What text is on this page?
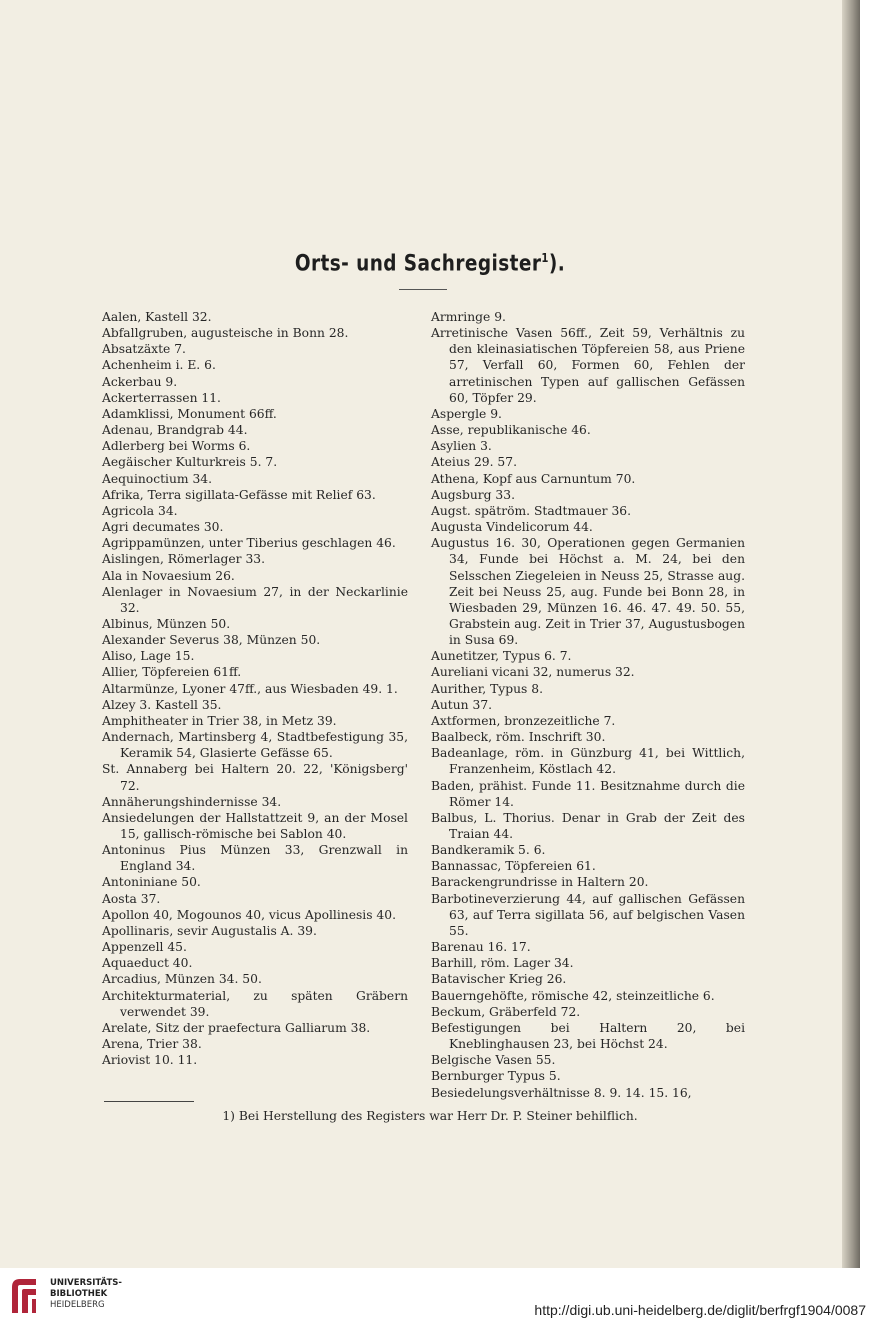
Orts- und Sachregister$^1$).
Aalen, Kastell 32.
Abfallgruben, augusteische in Bonn 28.
Absatzäxte 7.
Achenheim i. E. 6.
Ackerbau 9.
Ackerterrassen 11.
Adamklissi, Monument 66ff.
Adenau, Brandgrab 44.
Adlerberg bei Worms 6.
Aegäischer Kulturkreis 5. 7.
Aequinoctium 34.
Afrika, Terra sigillata-Gefässe mit Relief 63.
Agricola 34.
Agri decumates 30.
Agrippamünzen, unter Tiberius geschlagen 46.
Aislingen, Römerlager 33.
Ala in Novaesium 26.
Alenlager in Novaesium 27, in der Neckarlinie 32.
Albinus, Münzen 50.
Alexander Severus 38, Münzen 50.
Aliso, Lage 15.
Allier, Töpfereien 61ff.
Altarmünze, Lyoner 47ff., aus Wiesbaden 49. 1.
Alzey 3. Kastell 35.
Amphitheater in Trier 38, in Metz 39.
Andernach, Martinsberg 4, Stadtbefestigung 35, Keramik 54, Glasierte Gefässe 65.
St. Annaberg bei Haltern 20. 22, 'Königsberg' 72.
Annäherungshindernisse 34.
Ansiedelungen der Hallstattzeit 9, an der Mosel 15, gallisch-römische bei Sablon 40.
Antoninus Pius Münzen 33, Grenzwall in England 34.
Antoniniane 50.
Aosta 37.
Apollon 40, Mogounos 40, vicus Apollinesis 40.
Apollinaris, sevir Augustalis A. 39.
Appenzell 45.
Aquaeduct 40.
Arcadius, Münzen 34. 50.
Architekturmaterial, zu späten Gräbern verwendet 39.
Arelate, Sitz der praefectura Galliarum 38.
Arena, Trier 38.
Ariovist 10. 11.
Armringe 9.
Arretinische Vasen 56ff., Zeit 59, Verhältnis zu den kleinasiatischen Töpfereien 58, aus Priene 57, Verfall 60, Formen 60, Fehlen der arretinischen Typen auf gallischen Gefässen 60, Töpfer 29.
Aspergle 9.
Asse, republikanische 46.
Asylien 3.
Ateius 29. 57.
Athena, Kopf aus Carnuntum 70.
Augsburg 33.
Augst. spätröm. Stadtmauer 36.
Augusta Vindelicorum 44.
Augustus 16. 30, Operationen gegen Germanien 34, Funde bei Höchst a. M. 24, bei den Selsschen Ziegeleien in Neuss 25, Strasse aug. Zeit bei Neuss 25, aug. Funde bei Bonn 28, in Wiesbaden 29, Münzen 16. 46. 47. 49. 50. 55, Grabstein aug. Zeit in Trier 37, Augustusbogen in Susa 69.
Aunetitzer, Typus 6. 7.
Aureliani vicani 32, numerus 32.
Aurither, Typus 8.
Autun 37.
Axtformen, bronzezeitliche 7.
Baalbeck, röm. Inschrift 30.
Badeanlage, röm. in Günzburg 41, bei Wittlich, Franzenheim, Köstlach 42.
Baden, prähist. Funde 11. Besitznahme durch die Römer 14.
Balbus, L. Thorius. Denar in Grab der Zeit des Traian 44.
Bandkeramik 5. 6.
Bannassac, Töpfereien 61.
Barackengrundrisse in Haltern 20.
Barbotineverzierung 44, auf gallischen Gefässen 63, auf Terra sigillata 56, auf belgischen Vasen 55.
Barenau 16. 17.
Barhill, röm. Lager 34.
Batavischer Krieg 26.
Bauerngehöfte, römische 42, steinzeitliche 6.
Beckum, Gräberfeld 72.
Befestigungen bei Haltern 20, bei Kneblinghausen 23, bei Höchst 24.
Belgische Vasen 55.
Bernburger Typus 5.
Besiedelungsverhältnisse 8. 9. 14. 15. 16,
1) Bei Herstellung des Registers war Herr Dr. P. Steiner behilflich.
UNIVERSITÄTS-
BIBLIOTHEK
HEIDELBERG	http://digi.ub.uni-heidelberg.de/diglit/berfrgf1904/0087
